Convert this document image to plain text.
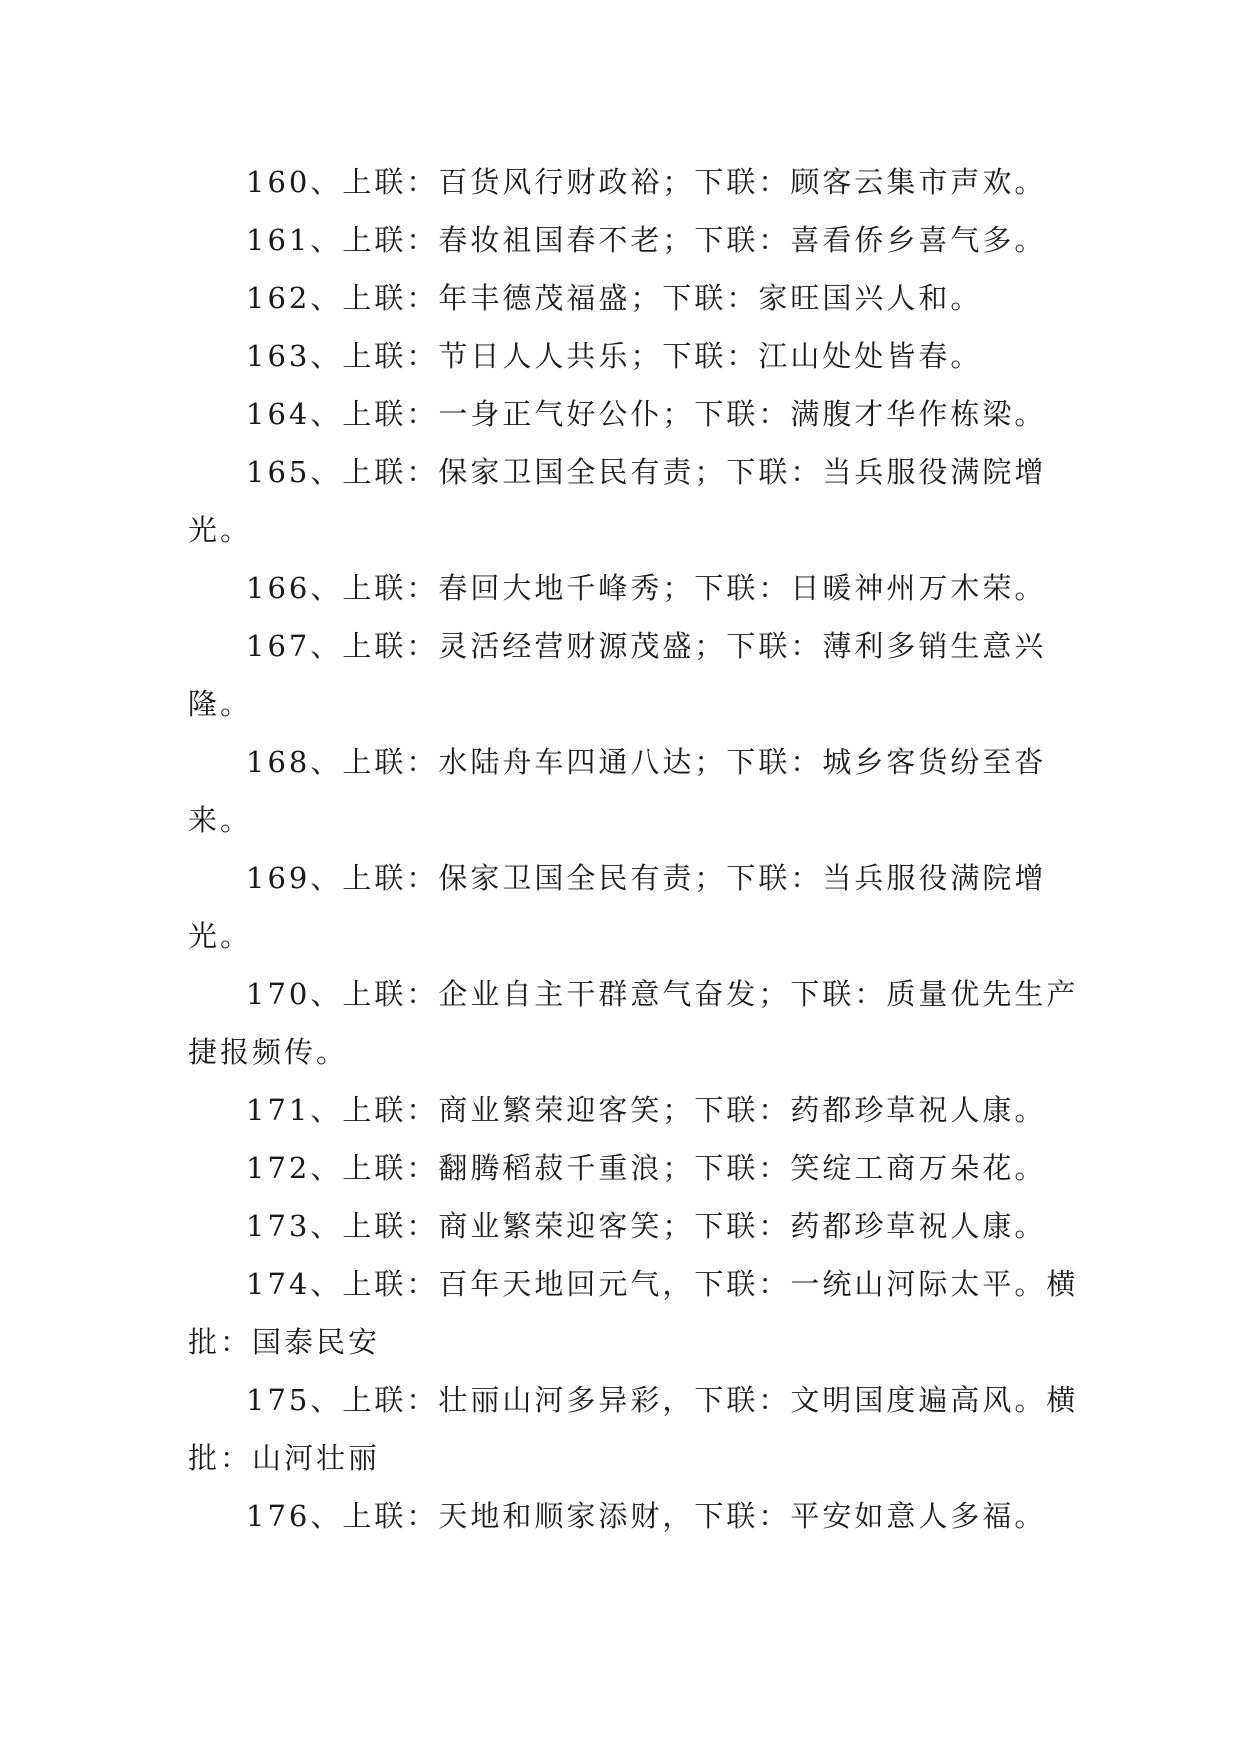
160、上联：百货风行财政裕；下联：顾客云集市声欢。

161、上联：春妆祖国春不老；下联：喜看侨乡喜气多。

162、上联：年丰德茂福盛；下联：家旺国兴人和。

163、上联：节日人人共乐；下联：江山处处皆春。

164、上联：一身正气好公仆；下联：满腹才华作栋梁。

165、上联：保家卫国全民有责；下联：当兵服役满院增光。

166、上联：春回大地千峰秀；下联：日暖神州万木荣。

167、上联：灵活经营财源茂盛；下联：薄利多销生意兴隆。

168、上联：水陆舟车四通八达；下联：城乡客货纷至沓来。

169、上联：保家卫国全民有责；下联：当兵服役满院增光。

170、上联：企业自主干群意气奋发；下联：质量优先生产捷报频传。

171、上联：商业繁荣迎客笑；下联：药都珍草祝人康。

172、上联：翻腾稻菽千重浪；下联：笑绽工商万朵花。

173、上联：商业繁荣迎客笑；下联：药都珍草祝人康。

174、上联：百年天地回元气，下联：一统山河际太平。横批：国泰民安

175、上联：壮丽山河多异彩，下联：文明国度遍高风。横批：山河壮丽

176、上联：天地和顺家添财，下联：平安如意人多福。
